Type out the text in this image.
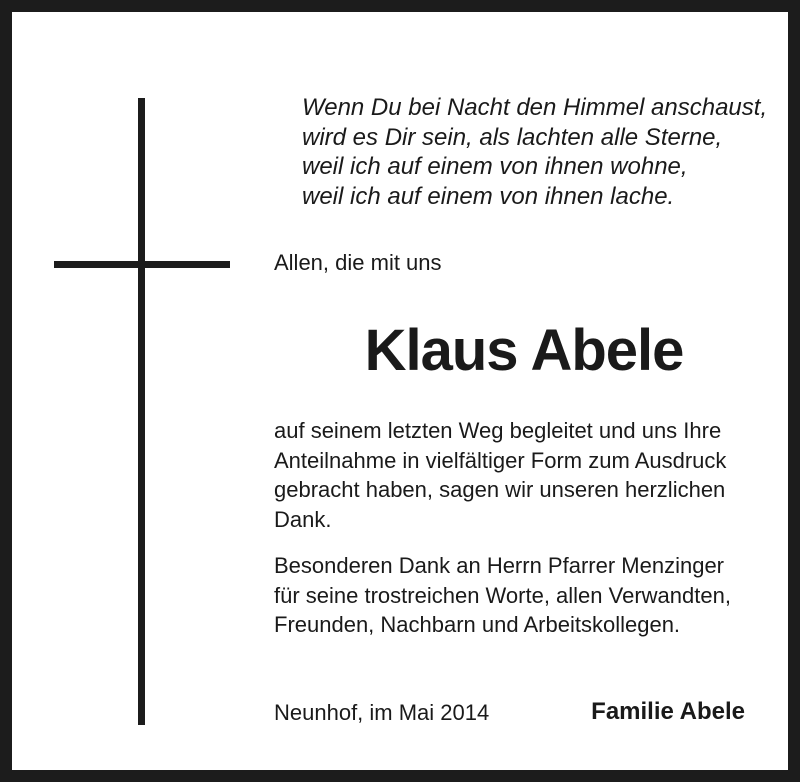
Wenn Du bei Nacht den Himmel anschaust,
wird es Dir sein, als lachten alle Sterne,
weil ich auf einem von ihnen wohne,
weil ich auf einem von ihnen lache.
Allen, die mit uns
Klaus Abele
auf seinem letzten Weg begleitet und uns Ihre
Anteilnahme in vielfältiger Form zum Ausdruck
gebracht haben, sagen wir unseren herzlichen
Dank.
Besonderen Dank an Herrn Pfarrer Menzinger
für seine trostreichen Worte, allen Verwandten,
Freunden, Nachbarn und Arbeitskollegen.
Neunhof, im Mai 2014	Familie Abele
